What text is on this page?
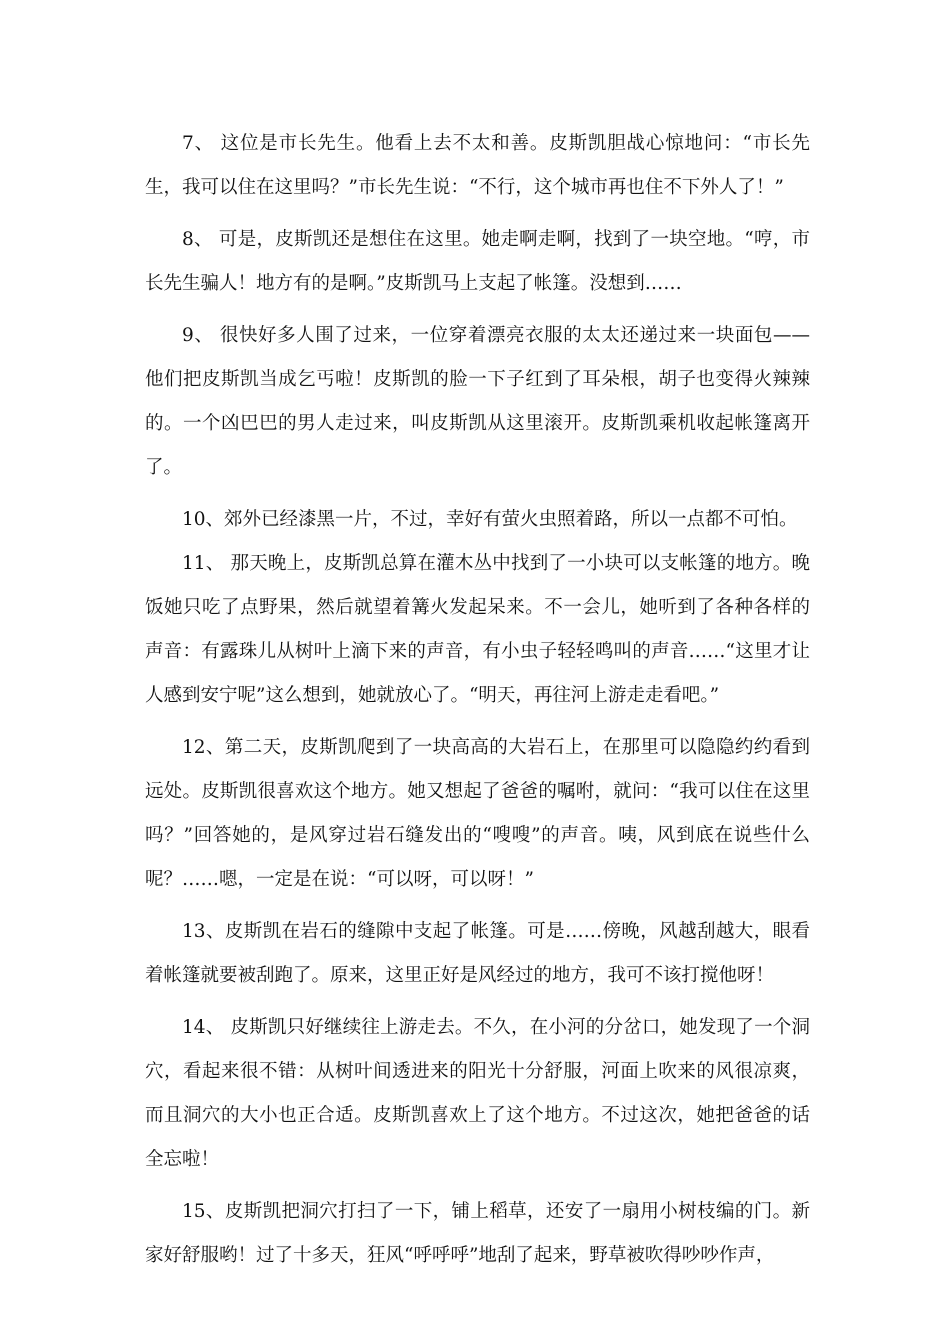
7、 这位是市长先生。他看上去不太和善。皮斯凯胆战心惊地问：“市长先生，我可以住在这里吗？”市长先生说：“不行，这个城市再也住不下外人了！”

8、 可是，皮斯凯还是想住在这里。她走啊走啊，找到了一块空地。“哼，市长先生骗人！地方有的是啊。”皮斯凯马上支起了帐篷。没想到……

9、 很快好多人围了过来，一位穿着漂亮衣服的太太还递过来一块面包——他们把皮斯凯当成乞丐啦！皮斯凯的脸一下子红到了耳朵根，胡子也变得火辣辣的。一个凶巴巴的男人走过来，叫皮斯凯从这里滚开。皮斯凯乘机收起帐篷离开了。

10、郊外已经漆黑一片，不过，幸好有萤火虫照着路，所以一点都不可怕。

11、 那天晚上，皮斯凯总算在灌木丛中找到了一小块可以支帐篷的地方。晚饭她只吃了点野果，然后就望着篝火发起呆来。不一会儿，她听到了各种各样的声音：有露珠儿从树叶上滴下来的声音，有小虫子轻轻鸣叫的声音……“这里才让人感到安宁呢”这么想到，她就放心了。“明天，再往河上游走走看吧。”

12、第二天，皮斯凯爬到了一块高高的大岩石上，在那里可以隐隐约约看到远处。皮斯凯很喜欢这个地方。她又想起了爸爸的嘱咐，就问：“我可以住在这里吗？”回答她的，是风穿过岩石缝发出的“嗖嗖”的声音。咦，风到底在说些什么呢？……嗯，一定是在说：“可以呀，可以呀！”

13、皮斯凯在岩石的缝隙中支起了帐篷。可是……傍晚，风越刮越大，眼看着帐篷就要被刮跑了。原来，这里正好是风经过的地方，我可不该打搅他呀！

14、 皮斯凯只好继续往上游走去。不久，在小河的分岔口，她发现了一个洞穴，看起来很不错：从树叶间透进来的阳光十分舒服，河面上吹来的风很凉爽，而且洞穴的大小也正合适。皮斯凯喜欢上了这个地方。不过这次，她把爸爸的话全忘啦！

15、皮斯凯把洞穴打扫了一下，铺上稻草，还安了一扇用小树枝编的门。新家好舒服哟！过了十多天，狂风“呼呼呼”地刮了起来，野草被吹得吵吵作声，
